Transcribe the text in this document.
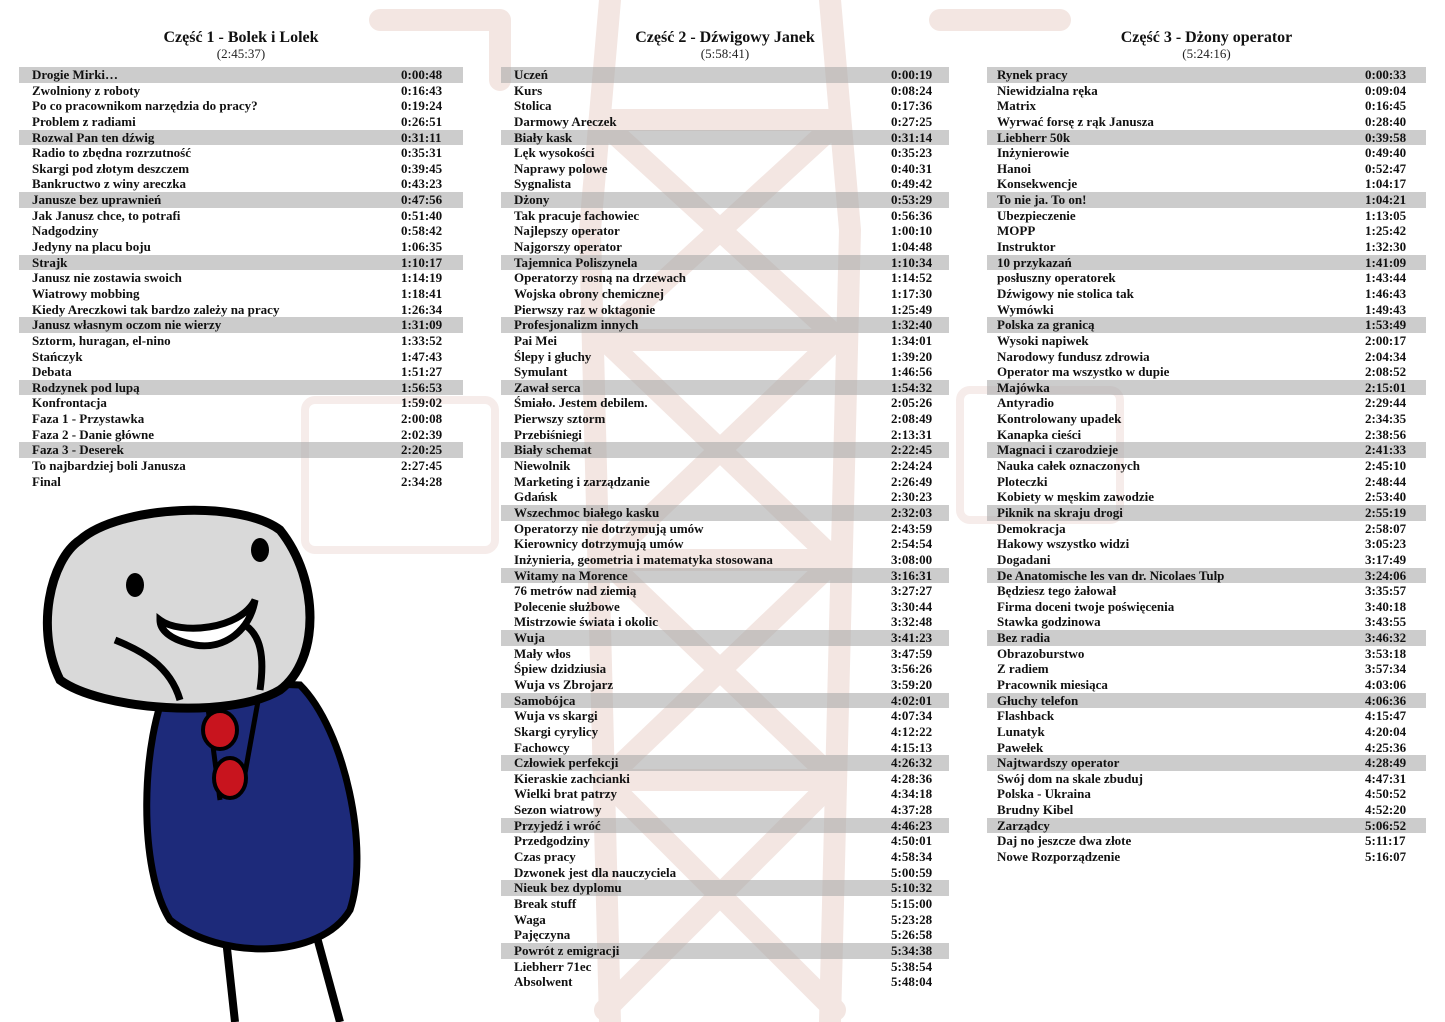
Część 1 - Bolek i Lolek
(2:45:37)
Drogie Mirki…	0:00:48
Zwolniony z roboty	0:16:43
Po co pracownikom narzędzia do pracy?	0:19:24
Problem z radiami	0:26:51
Rozwal Pan ten dźwig	0:31:11
Radio to zbędna rozrzutność	0:35:31
Skargi pod złotym deszczem	0:39:45
Bankructwo z winy areczka	0:43:23
Janusze bez uprawnień	0:47:56
Jak Janusz chce, to potrafi	0:51:40
Nadgodziny	0:58:42
Jedyny na placu boju	1:06:35
Strajk	1:10:17
Janusz nie zostawia swoich	1:14:19
Wiatrowy mobbing	1:18:41
Kiedy Areczkowi tak bardzo zależy na pracy	1:26:34
Janusz własnym oczom nie wierzy	1:31:09
Sztorm, huragan, el-nino	1:33:52
Stańczyk	1:47:43
Debata	1:51:27
Rodzynek pod lupą	1:56:53
Konfrontacja	1:59:02
Faza 1 - Przystawka	2:00:08
Faza 2 - Danie główne	2:02:39
Faza 3 - Deserek	2:20:25
To najbardziej boli Janusza	2:27:45
Final	2:34:28
Część 2 - Dźwigowy Janek
(5:58:41)
Uczeń	0:00:19
Kurs	0:08:24
Stolica	0:17:36
Darmowy Areczek	0:27:25
Biały kask	0:31:14
Lęk wysokości	0:35:23
Naprawy polowe	0:40:31
Sygnalista	0:49:42
Dżony	0:53:29
Tak pracuje fachowiec	0:56:36
Najlepszy operator	1:00:10
Najgorszy operator	1:04:48
Tajemnica Poliszynela	1:10:34
Operatorzy rosną na drzewach	1:14:52
Wojska obrony chemicznej	1:17:30
Pierwszy raz w oktagonie	1:25:49
Profesjonalizm innych	1:32:40
Pai Mei	1:34:01
Ślepy i głuchy	1:39:20
Symulant	1:46:56
Zawał serca	1:54:32
Śmiało. Jestem debilem.	2:05:26
Pierwszy sztorm	2:08:49
Przebiśniegi	2:13:31
Biały schemat	2:22:45
Niewolnik	2:24:24
Marketing i zarządzanie	2:26:49
Gdańsk	2:30:23
Wszechmoc białego kasku	2:32:03
Operatorzy nie dotrzymują umów	2:43:59
Kierownicy dotrzymują umów	2:54:54
Inżynieria, geometria i matematyka stosowana	3:08:00
Witamy na Morence	3:16:31
76 metrów nad ziemią	3:27:27
Polecenie służbowe	3:30:44
Mistrzowie świata i okolic	3:32:48
Wuja	3:41:23
Mały włos	3:47:59
Śpiew dzidziusia	3:56:26
Wuja vs Zbrojarz	3:59:20
Samobójca	4:02:01
Wuja vs skargi	4:07:34
Skargi cyrylicy	4:12:22
Fachowcy	4:15:13
Człowiek perfekcji	4:26:32
Kieraskie zachcianki	4:28:36
Wielki brat patrzy	4:34:18
Sezon wiatrowy	4:37:28
Przyjedź i wróć	4:46:23
Przedgodziny	4:50:01
Czas pracy	4:58:34
Dzwonek jest dla nauczyciela	5:00:59
Nieuk bez dyplomu	5:10:32
Break stuff	5:15:00
Waga	5:23:28
Pajęczyna	5:26:58
Powrót z emigracji	5:34:38
Liebherr 71ec	5:38:54
Absolwent	5:48:04
Część 3 - Dżony operator
(5:24:16)
Rynek pracy	0:00:33
Niewidzialna ręka	0:09:04
Matrix	0:16:45
Wyrwać forsę z rąk Janusza	0:28:40
Liebherr 50k	0:39:58
Inżynierowie	0:49:40
Hanoi	0:52:47
Konsekwencje	1:04:17
To nie ja. To on!	1:04:21
Ubezpieczenie	1:13:05
MOPP	1:25:42
Instruktor	1:32:30
10 przykazań	1:41:09
posłuszny operatorek	1:43:44
Dźwigowy nie stolica tak	1:46:43
Wymówki	1:49:43
Polska za granicą	1:53:49
Wysoki napiwek	2:00:17
Narodowy fundusz zdrowia	2:04:34
Operator ma wszystko w dupie	2:08:52
Majówka	2:15:01
Antyradio	2:29:44
Kontrolowany upadek	2:34:35
Kanapka cieści	2:38:56
Magnaci i czarodzieje	2:41:33
Nauka całek oznaczonych	2:45:10
Ploteczki	2:48:44
Kobiety w męskim zawodzie	2:53:40
Piknik na skraju drogi	2:55:19
Demokracja	2:58:07
Hakowy wszystko widzi	3:05:23
Dogadani	3:17:49
De Anatomische les van dr. Nicolaes Tulp	3:24:06
Będziesz tego żałował	3:35:57
Firma doceni twoje poświęcenia	3:40:18
Stawka godzinowa	3:43:55
Bez radia	3:46:32
Obrazoburstwo	3:53:18
Z radiem	3:57:34
Pracownik miesiąca	4:03:06
Głuchy telefon	4:06:36
Flashback	4:15:47
Lunatyk	4:20:04
Pawełek	4:25:36
Najtwardszy operator	4:28:49
Swój dom na skale zbuduj	4:47:31
Polska - Ukraina	4:50:52
Brudny Kibel	4:52:20
Zarządcy	5:06:52
Daj no jeszcze dwa złote	5:11:17
Nowe Rozporządzenie	5:16:07
